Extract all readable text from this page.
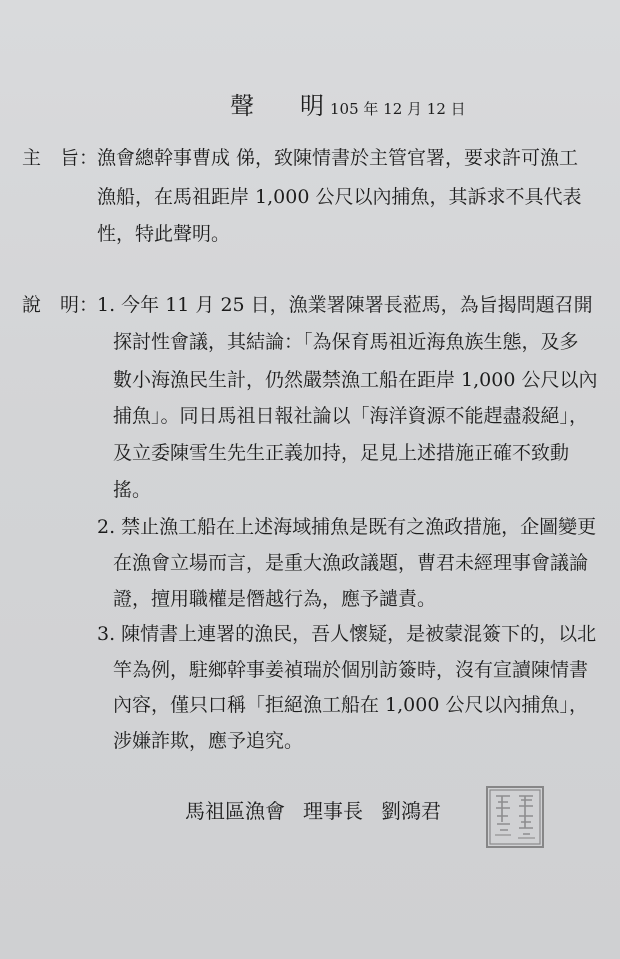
聲 明 105 年 12 月 12 日
主　旨：
漁會總幹事曹成 俤，致陳情書於主管官署，要求許可漁工
漁船，在馬祖距岸 1,000 公尺以內捕魚，其訴求不具代表
性，特此聲明。
說　明：
1. 今年 11 月 25 日，漁業署陳署長蒞馬，為旨揭問題召開
探討性會議，其結論：「為保育馬祖近海魚族生態，及多
數小海漁民生計，仍然嚴禁漁工船在距岸 1,000 公尺以內
捕魚」。同日馬祖日報社論以「海洋資源不能趕盡殺絕」，
及立委陳雪生先生正義加持，足見上述措施正確不致動
搖。
2. 禁止漁工船在上述海域捕魚是既有之漁政措施，企圖變更
在漁會立場而言，是重大漁政議題，曹君未經理事會議論
證，擅用職權是僭越行為，應予譴責。
3. 陳情書上連署的漁民，吾人懷疑，是被蒙混簽下的，以北
竿為例，駐鄉幹事姜禎瑞於個別訪簽時，沒有宣讀陳情書
內容，僅只口稱「拒絕漁工船在 1,000 公尺以內捕魚」，
涉嫌詐欺，應予追究。
馬祖區漁會 理事長 劉鴻君
